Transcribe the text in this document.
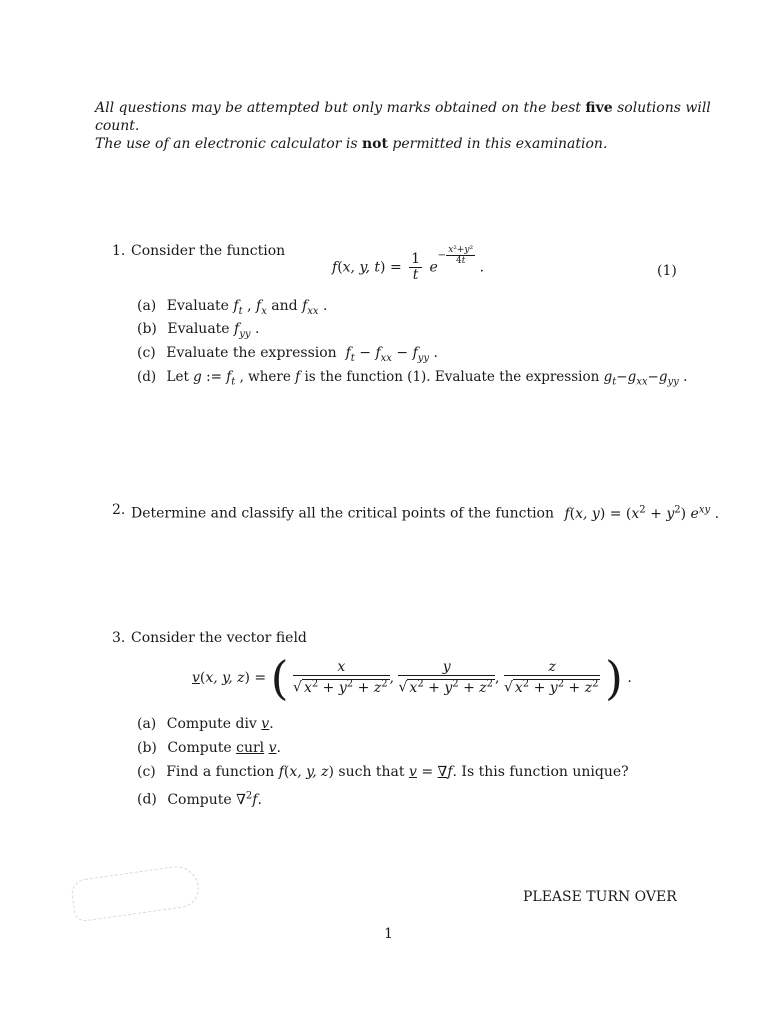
All questions may be attempted but only marks obtained on the best five solutions will
count.
The use of an electronic calculator is not permitted in this examination.
1. Consider the function
f(x, y, $t) = \frac{1}{t} e^{- \frac{\text{x²+y²}}{4t}}$
.	(1)
(a) Evaluate $f_t$ , $f_x$ and $f_{xx}$ .
(b) Evaluate $f_{yy}$ .
(c) Evaluate the expression  $f_t - f_{xx} - f_{yy}$ .
(d) Let g := $f_t$ , where f is the function (1). Evaluate the expression $g_t-g_{xx}-g_{yy}$ .
2. Determine and classify all the critical points of the function f(x, $y) = (x^2 + y^2)$ $e^{xy}$ .
3. Consider the vector field
v(x, y, z) = ( $\frac{x}{√ x^2 + y^2 + z^2}$ , $\frac{y}{√ x^2 + y^2 + z^2}$ , $\frac{z}{√ x^2 + y^2 + z^2}$ ) .
(a) Compute div v.
(b) Compute curl v.
(c) Find a function f(x, y, z) such that v = ∇f. Is this function unique?
(d) Compute ∇$^2$f.
PLEASE TURN OVER
1
